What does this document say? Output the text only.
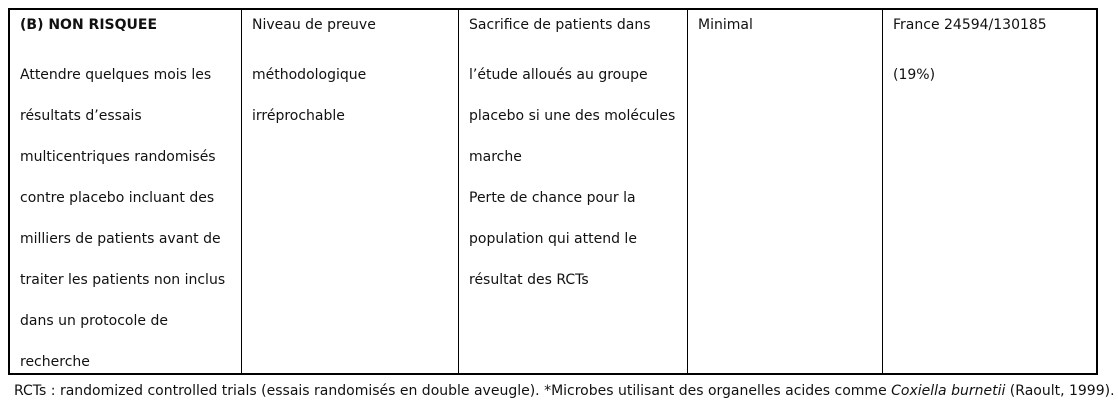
(B) NON RISQUEE
Attendre quelques mois les
résultats d’essais
multicentriques randomisés
contre placebo incluant des
milliers de patients avant de
traiter les patients non inclus
dans un protocole de
recherche
Niveau de preuve
méthodologique
irréprochable
Sacrifice de patients dans
l’étude alloués au groupe
placebo si une des molécules
marche
Perte de chance pour la
population qui attend le
résultat des RCTs
Minimal	France 24594/130185
(19%)
RCTs : randomized controlled trials (essais randomisés en double aveugle). *Microbes utilisant des organelles acides comme Coxiella burnetii (Raoult, 1999).
